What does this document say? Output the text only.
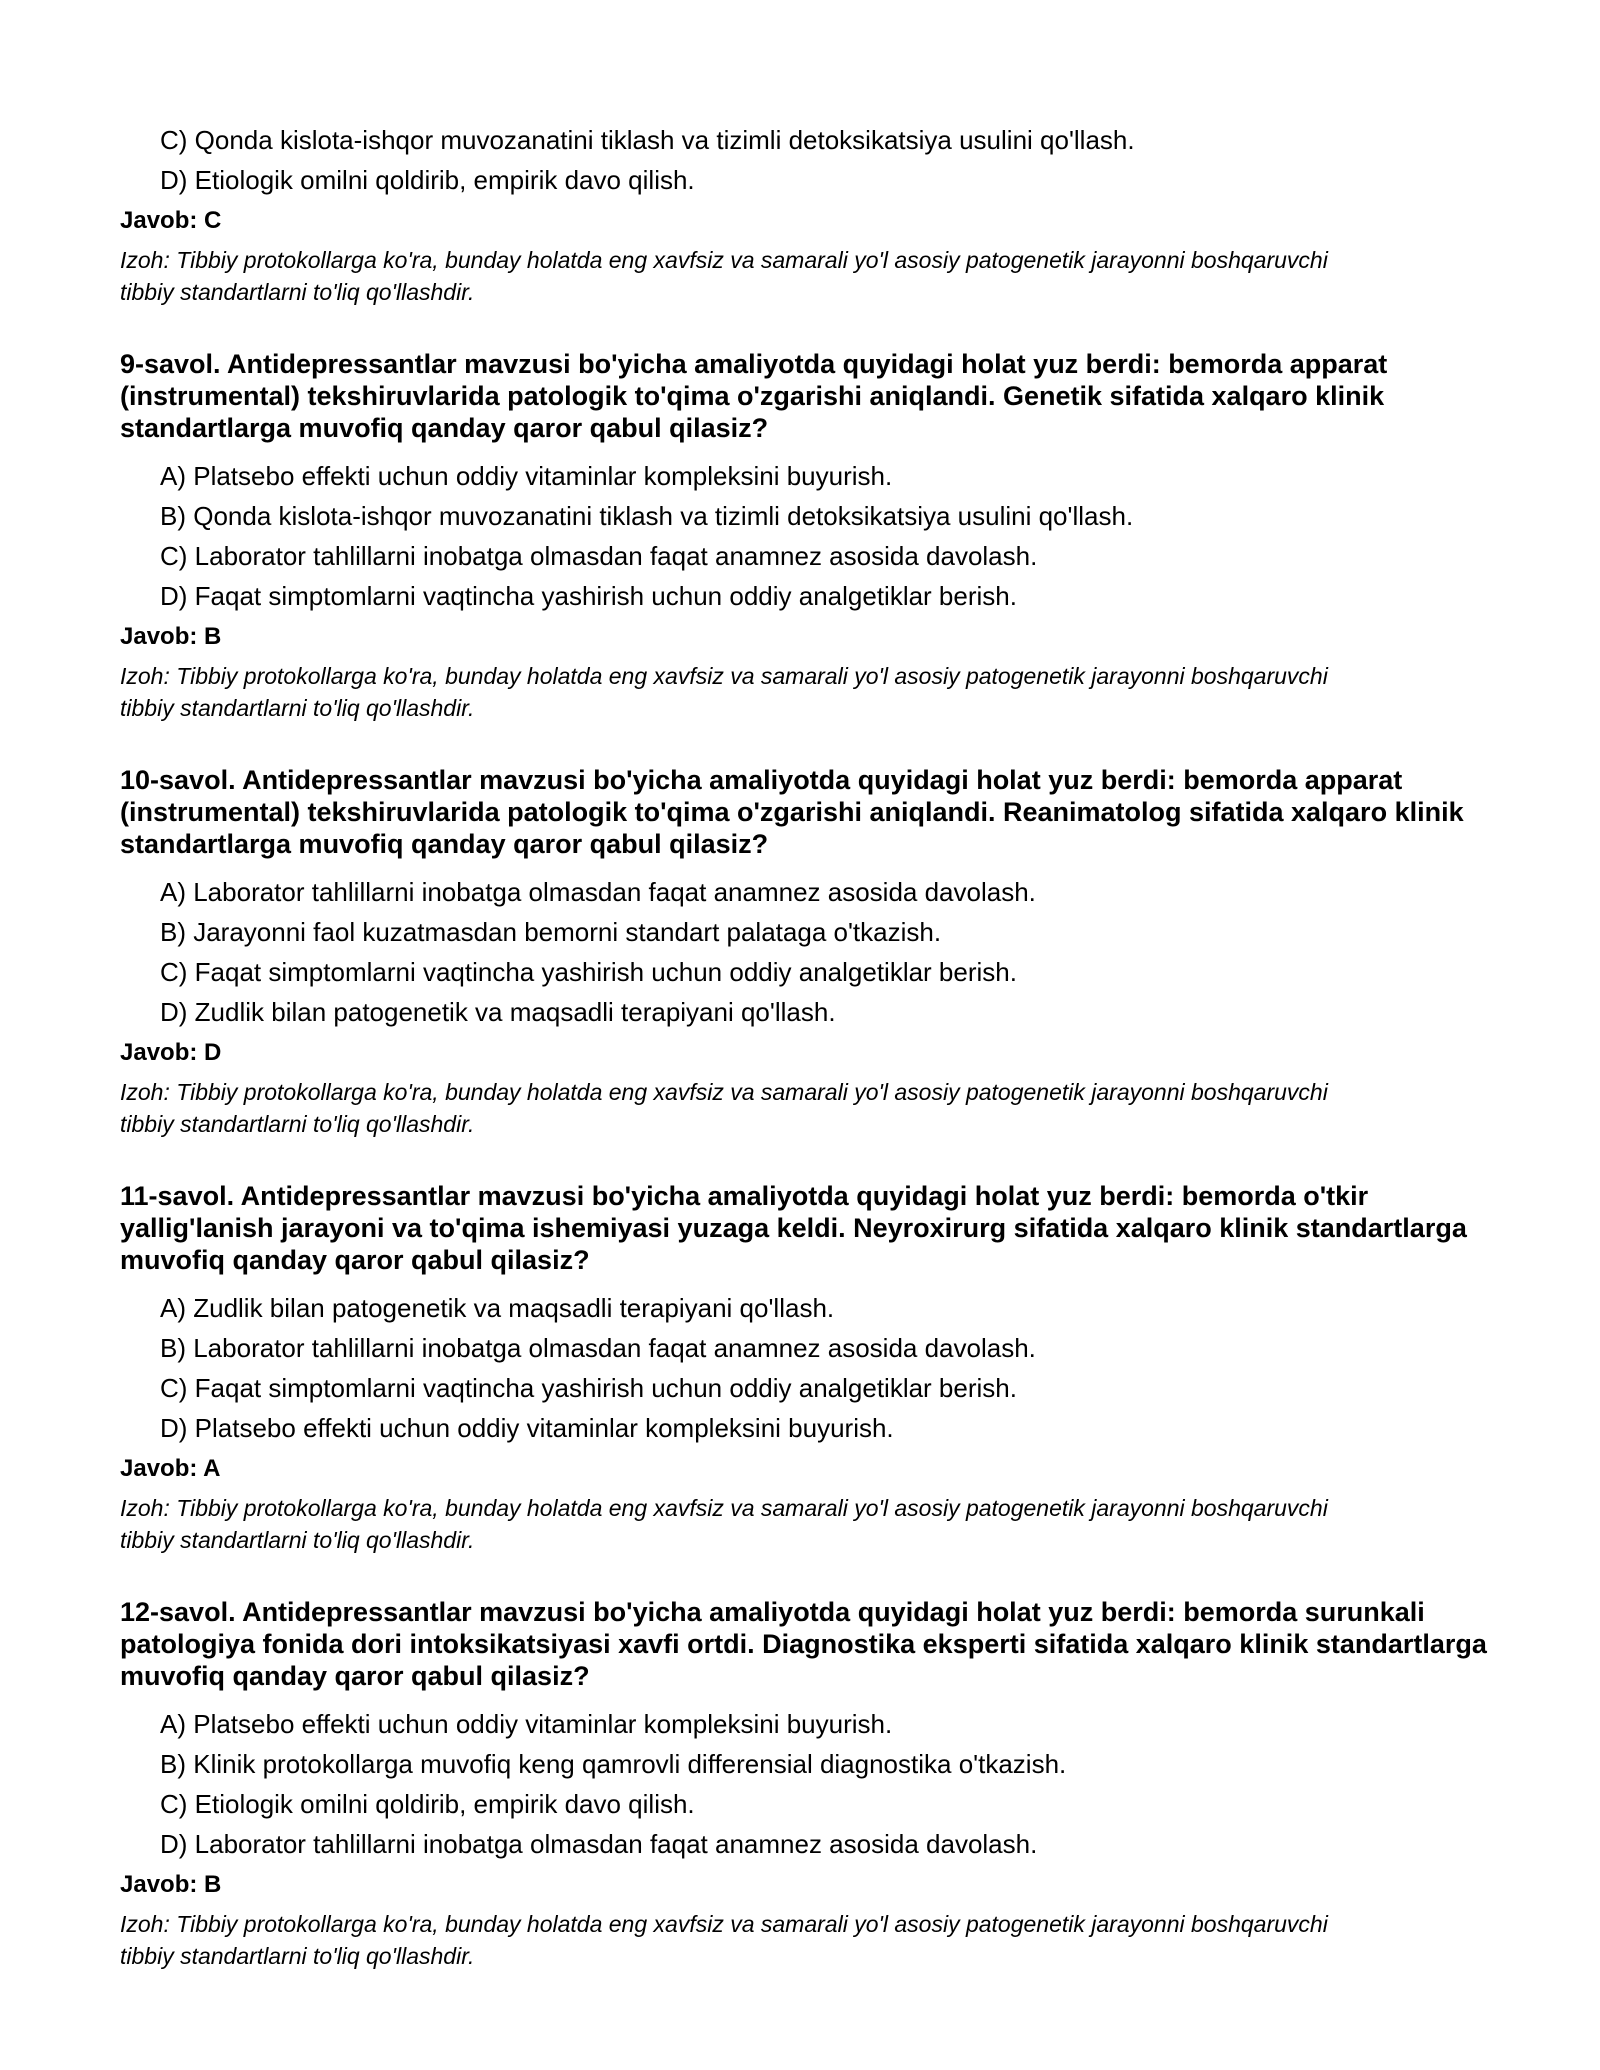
C) Qonda kislota-ishqor muvozanatini tiklash va tizimli detoksikatsiya usulini qo'llash.
D) Etiologik omilni qoldirib, empirik davo qilish.
Javob: C
Izoh: Tibbiy protokollarga ko'ra, bunday holatda eng xavfsiz va samarali yo'l asosiy patogenetik jarayonni boshqaruvchi tibbiy standartlarni to'liq qo'llashdir.
9-savol. Antidepressantlar mavzusi bo'yicha amaliyotda quyidagi holat yuz berdi: bemorda apparat (instrumental) tekshiruvlarida patologik to'qima o'zgarishi aniqlandi. Genetik sifatida xalqaro klinik standartlarga muvofiq qanday qaror qabul qilasiz?
A) Platsebo effekti uchun oddiy vitaminlar kompleksini buyurish.
B) Qonda kislota-ishqor muvozanatini tiklash va tizimli detoksikatsiya usulini qo'llash.
C) Laborator tahlillarni inobatga olmasdan faqat anamnez asosida davolash.
D) Faqat simptomlarni vaqtincha yashirish uchun oddiy analgetiklar berish.
Javob: B
Izoh: Tibbiy protokollarga ko'ra, bunday holatda eng xavfsiz va samarali yo'l asosiy patogenetik jarayonni boshqaruvchi tibbiy standartlarni to'liq qo'llashdir.
10-savol. Antidepressantlar mavzusi bo'yicha amaliyotda quyidagi holat yuz berdi: bemorda apparat (instrumental) tekshiruvlarida patologik to'qima o'zgarishi aniqlandi. Reanimatolog sifatida xalqaro klinik standartlarga muvofiq qanday qaror qabul qilasiz?
A) Laborator tahlillarni inobatga olmasdan faqat anamnez asosida davolash.
B) Jarayonni faol kuzatmasdan bemorni standart palataga o'tkazish.
C) Faqat simptomlarni vaqtincha yashirish uchun oddiy analgetiklar berish.
D) Zudlik bilan patogenetik va maqsadli terapiyani qo'llash.
Javob: D
Izoh: Tibbiy protokollarga ko'ra, bunday holatda eng xavfsiz va samarali yo'l asosiy patogenetik jarayonni boshqaruvchi tibbiy standartlarni to'liq qo'llashdir.
11-savol. Antidepressantlar mavzusi bo'yicha amaliyotda quyidagi holat yuz berdi: bemorda o'tkir yallig'lanish jarayoni va to'qima ishemiyasi yuzaga keldi. Neyroxirurg sifatida xalqaro klinik standartlarga muvofiq qanday qaror qabul qilasiz?
A) Zudlik bilan patogenetik va maqsadli terapiyani qo'llash.
B) Laborator tahlillarni inobatga olmasdan faqat anamnez asosida davolash.
C) Faqat simptomlarni vaqtincha yashirish uchun oddiy analgetiklar berish.
D) Platsebo effekti uchun oddiy vitaminlar kompleksini buyurish.
Javob: A
Izoh: Tibbiy protokollarga ko'ra, bunday holatda eng xavfsiz va samarali yo'l asosiy patogenetik jarayonni boshqaruvchi tibbiy standartlarni to'liq qo'llashdir.
12-savol. Antidepressantlar mavzusi bo'yicha amaliyotda quyidagi holat yuz berdi: bemorda surunkali patologiya fonida dori intoksikatsiyasi xavfi ortdi. Diagnostika eksperti sifatida xalqaro klinik standartlarga muvofiq qanday qaror qabul qilasiz?
A) Platsebo effekti uchun oddiy vitaminlar kompleksini buyurish.
B) Klinik protokollarga muvofiq keng qamrovli differensial diagnostika o'tkazish.
C) Etiologik omilni qoldirib, empirik davo qilish.
D) Laborator tahlillarni inobatga olmasdan faqat anamnez asosida davolash.
Javob: B
Izoh: Tibbiy protokollarga ko'ra, bunday holatda eng xavfsiz va samarali yo'l asosiy patogenetik jarayonni boshqaruvchi tibbiy standartlarni to'liq qo'llashdir.
